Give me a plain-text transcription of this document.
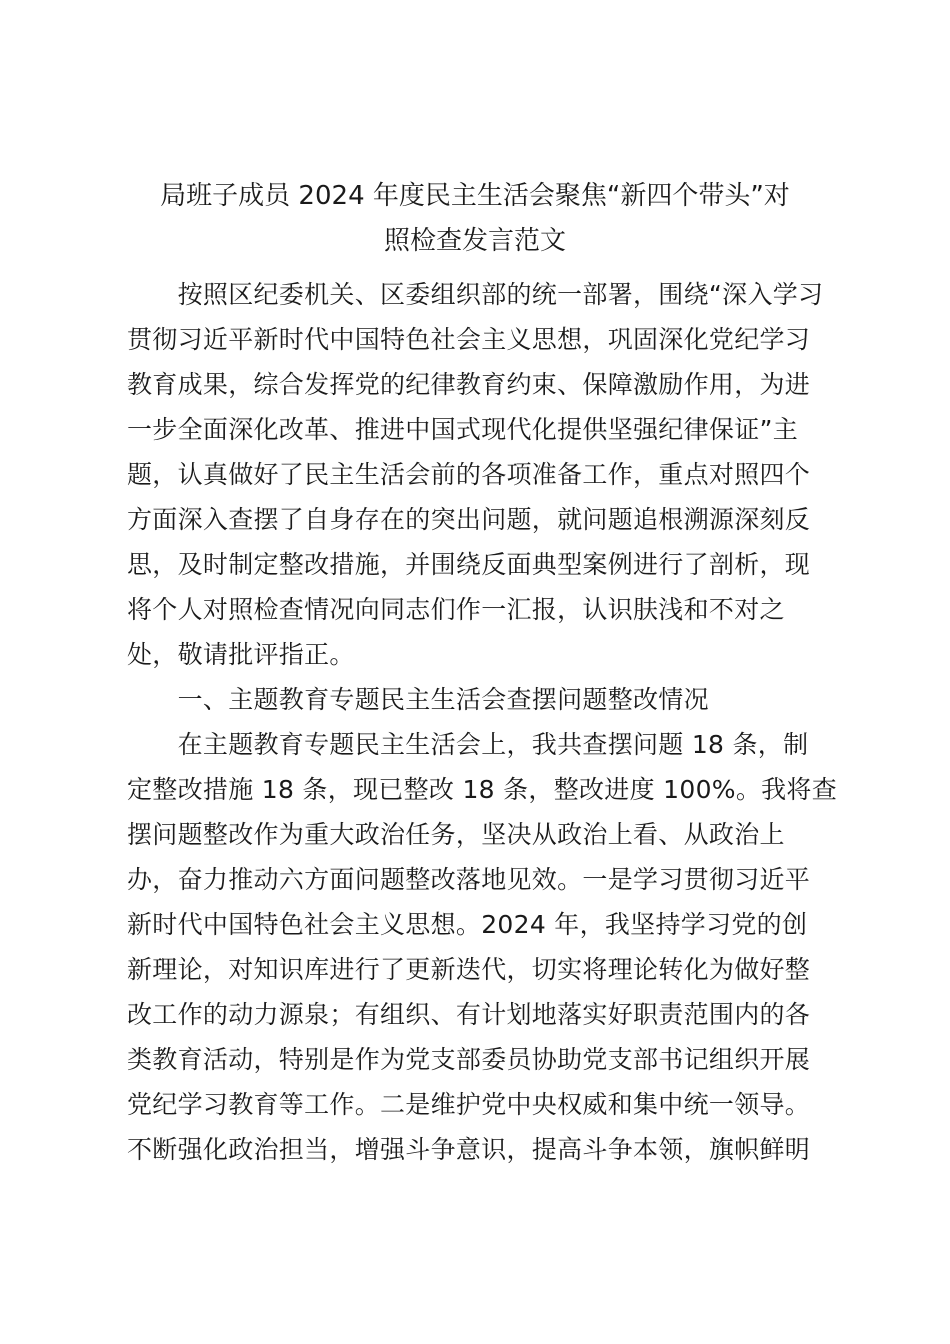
局班子成员 2024 年度民主生活会聚焦“新四个带头”对
照检查发言范文
　　按照区纪委机关、区委组织部的统一部署，围绕“深入学习
贯彻习近平新时代中国特色社会主义思想，巩固深化党纪学习
教育成果，综合发挥党的纪律教育约束、保障激励作用，为进
一步全面深化改革、推进中国式现代化提供坚强纪律保证”主
题，认真做好了民主生活会前的各项准备工作，重点对照四个
方面深入查摆了自身存在的突出问题，就问题追根溯源深刻反
思，及时制定整改措施，并围绕反面典型案例进行了剖析，现
将个人对照检查情况向同志们作一汇报，认识肤浅和不对之
处，敬请批评指正。
　　一、主题教育专题民主生活会查摆问题整改情况
　　在主题教育专题民主生活会上，我共查摆问题 18 条，制
定整改措施 18 条，现已整改 18 条，整改进度 100%。我将查
摆问题整改作为重大政治任务，坚决从政治上看、从政治上
办，奋力推动六方面问题整改落地见效。一是学习贯彻习近平
新时代中国特色社会主义思想。2024 年，我坚持学习党的创
新理论，对知识库进行了更新迭代，切实将理论转化为做好整
改工作的动力源泉；有组织、有计划地落实好职责范围内的各
类教育活动，特别是作为党支部委员协助党支部书记组织开展
党纪学习教育等工作。二是维护党中央权威和集中统一领导。
不断强化政治担当，增强斗争意识，提高斗争本领，旗帜鲜明
